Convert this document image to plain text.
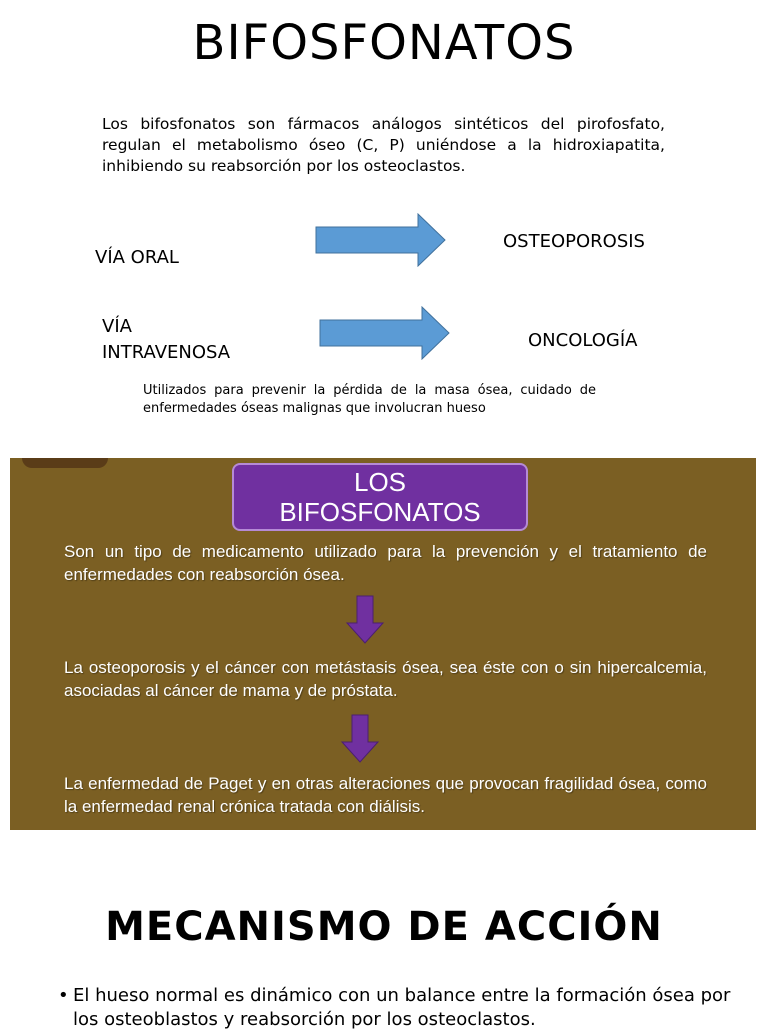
BIFOSFONATOS
Los bifosfonatos son fármacos análogos sintéticos del pirofosfato, regulan el metabolismo óseo (C, P) uniéndose a la hidroxiapatita, inhibiendo su reabsorción por los osteoclastos.
VÍA ORAL
OSTEOPOROSIS
VÍA
INTRAVENOSA
ONCOLOGÍA
Utilizados para prevenir la pérdida de la masa ósea, cuidado de enfermedades óseas malignas que involucran hueso
LOS
BIFOSFONATOS
Son un tipo de medicamento utilizado para la prevención y el tratamiento de enfermedades con reabsorción ósea.
La osteoporosis y el cáncer con metástasis ósea, sea éste con o sin hipercalcemia, asociadas al cáncer de mama y de próstata.
La enfermedad de Paget y en otras alteraciones que provocan fragilidad ósea, como la enfermedad renal crónica tratada con diálisis.
MECANISMO DE ACCIÓN
• El hueso normal es dinámico con un balance entre la formación ósea por los osteoblastos y reabsorción por los osteoclastos.
